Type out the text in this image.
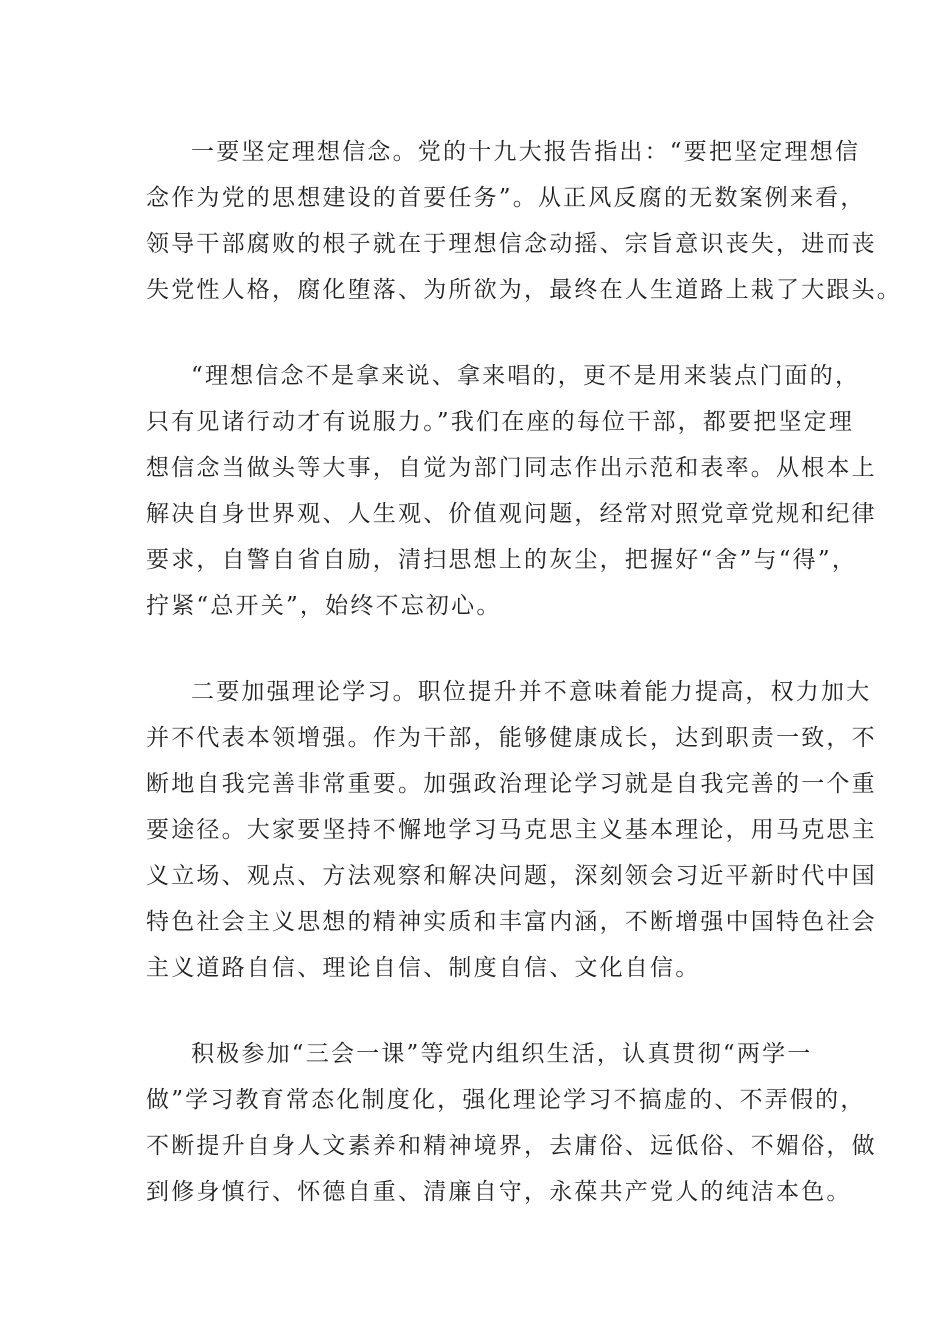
一要坚定理想信念。党的十九大报告指出：“要把坚定理想信
念作为党的思想建设的首要任务”。从正风反腐的无数案例来看，
领导干部腐败的根子就在于理想信念动摇、宗旨意识丧失，进而丧
失党性人格，腐化堕落、为所欲为，最终在人生道路上栽了大跟头。
“理想信念不是拿来说、拿来唱的，更不是用来装点门面的，
只有见诸行动才有说服力。”我们在座的每位干部，都要把坚定理
想信念当做头等大事，自觉为部门同志作出示范和表率。从根本上
解决自身世界观、人生观、价值观问题，经常对照党章党规和纪律
要求，自警自省自励，清扫思想上的灰尘，把握好“舍”与“得”，
拧紧“总开关”，始终不忘初心。
二要加强理论学习。职位提升并不意味着能力提高，权力加大
并不代表本领增强。作为干部，能够健康成长，达到职责一致，不
断地自我完善非常重要。加强政治理论学习就是自我完善的一个重
要途径。大家要坚持不懈地学习马克思主义基本理论，用马克思主
义立场、观点、方法观察和解决问题，深刻领会习近平新时代中国
特色社会主义思想的精神实质和丰富内涵，不断增强中国特色社会
主义道路自信、理论自信、制度自信、文化自信。
积极参加“三会一课”等党内组织生活，认真贯彻“两学一
做”学习教育常态化制度化，强化理论学习不搞虚的、不弄假的，
不断提升自身人文素养和精神境界，去庸俗、远低俗、不媚俗，做
到修身慎行、怀德自重、清廉自守，永葆共产党人的纯洁本色。
